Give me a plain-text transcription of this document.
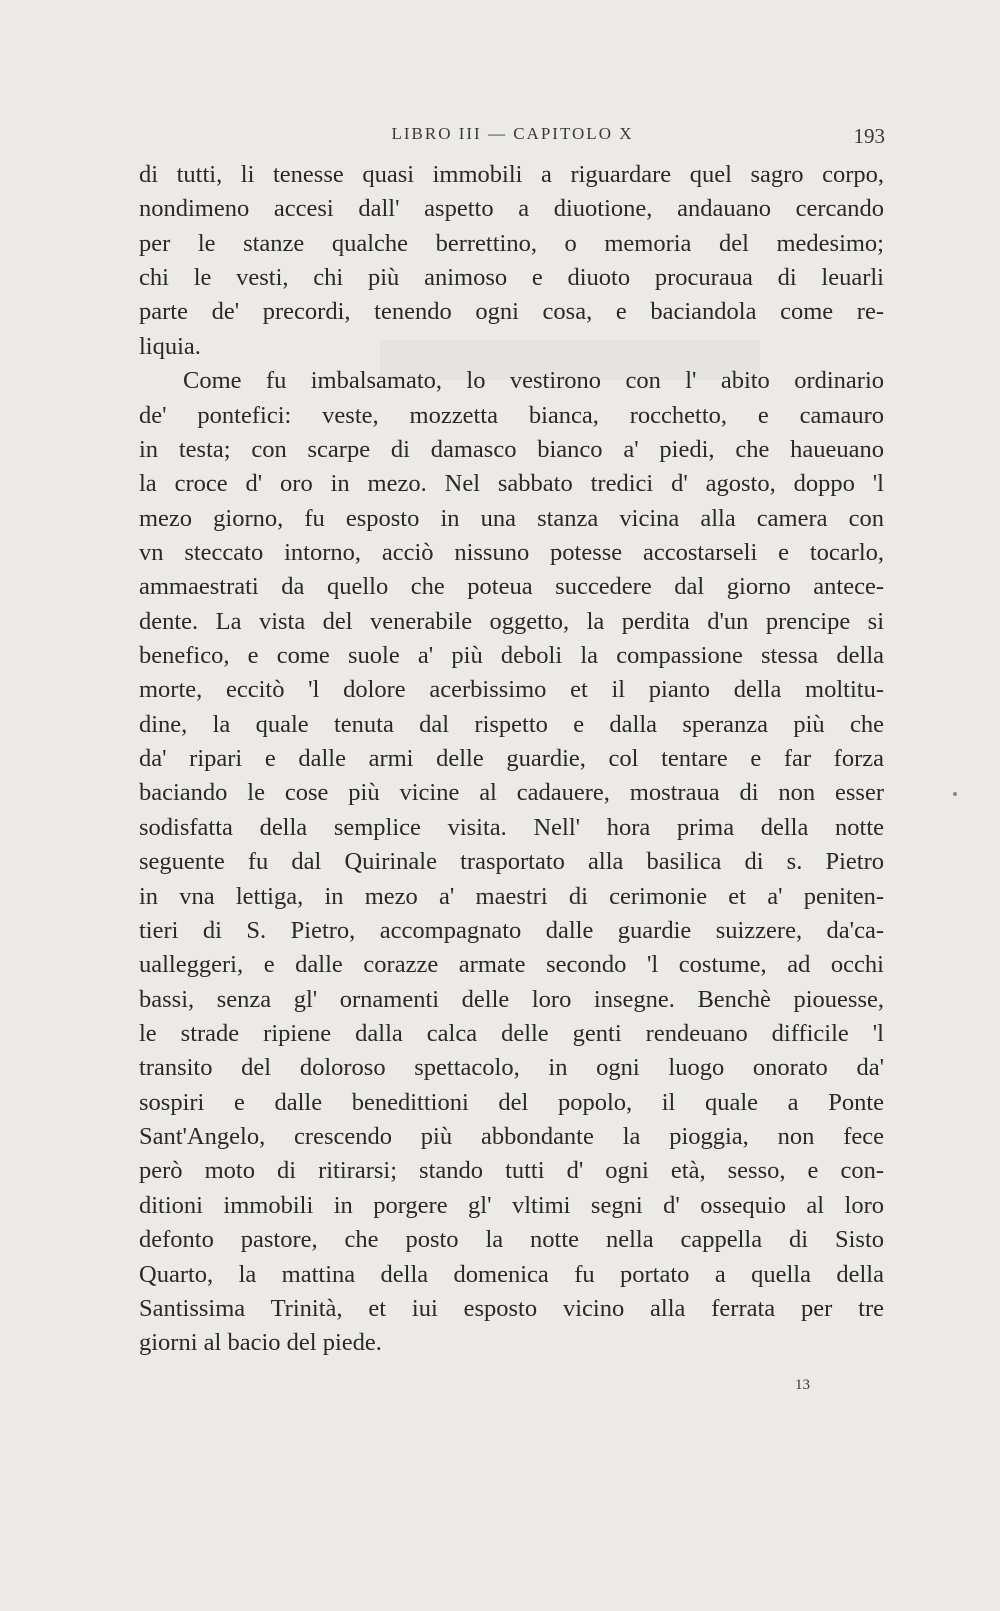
LIBRO III — CAPITOLO X	193
di tutti, li tenesse quasi immobili a riguardare quel sagro corpo,
nondimeno accesi dall' aspetto a diuotione, andauano cercando
per le stanze qualche berrettino, o memoria del medesimo;
chi le vesti, chi più animoso e diuoto procuraua di leuarli
parte de' precordi, tenendo ogni cosa, e baciandola come re-
liquia.
Come fu imbalsamato, lo vestirono con l' abito ordinario
de' pontefici: veste, mozzetta bianca, rocchetto, e camauro
in testa; con scarpe di damasco bianco a' piedi, che haueuano
la croce d' oro in mezo. Nel sabbato tredici d' agosto, doppo 'l
mezo giorno, fu esposto in una stanza vicina alla camera con
vn steccato intorno, acciò nissuno potesse accostarseli e tocarlo,
ammaestrati da quello che poteua succedere dal giorno antece-
dente. La vista del venerabile oggetto, la perdita d'un prencipe si
benefico, e come suole a' più deboli la compassione stessa della
morte, eccitò 'l dolore acerbissimo et il pianto della moltitu-
dine, la quale tenuta dal rispetto e dalla speranza più che
da' ripari e dalle armi delle guardie, col tentare e far forza
baciando le cose più vicine al cadauere, mostraua di non esser
sodisfatta della semplice visita. Nell' hora prima della notte
seguente fu dal Quirinale trasportato alla basilica di s. Pietro
in vna lettiga, in mezo a' maestri di cerimonie et a' peniten-
tieri di S. Pietro, accompagnato dalle guardie suizzere, da'ca-
ualleggeri, e dalle corazze armate secondo 'l costume, ad occhi
bassi, senza gl' ornamenti delle loro insegne. Benchè piouesse,
le strade ripiene dalla calca delle genti rendeuano difficile 'l
transito del doloroso spettacolo, in ogni luogo onorato da'
sospiri e dalle benedittioni del popolo, il quale a Ponte
Sant'Angelo, crescendo più abbondante la pioggia, non fece
però moto di ritirarsi; stando tutti d' ogni età, sesso, e con-
ditioni immobili in porgere gl' vltimi segni d' ossequio al loro
defonto pastore, che posto la notte nella cappella di Sisto
Quarto, la mattina della domenica fu portato a quella della
Santissima Trinità, et iui esposto vicino alla ferrata per tre
giorni al bacio del piede.
13
